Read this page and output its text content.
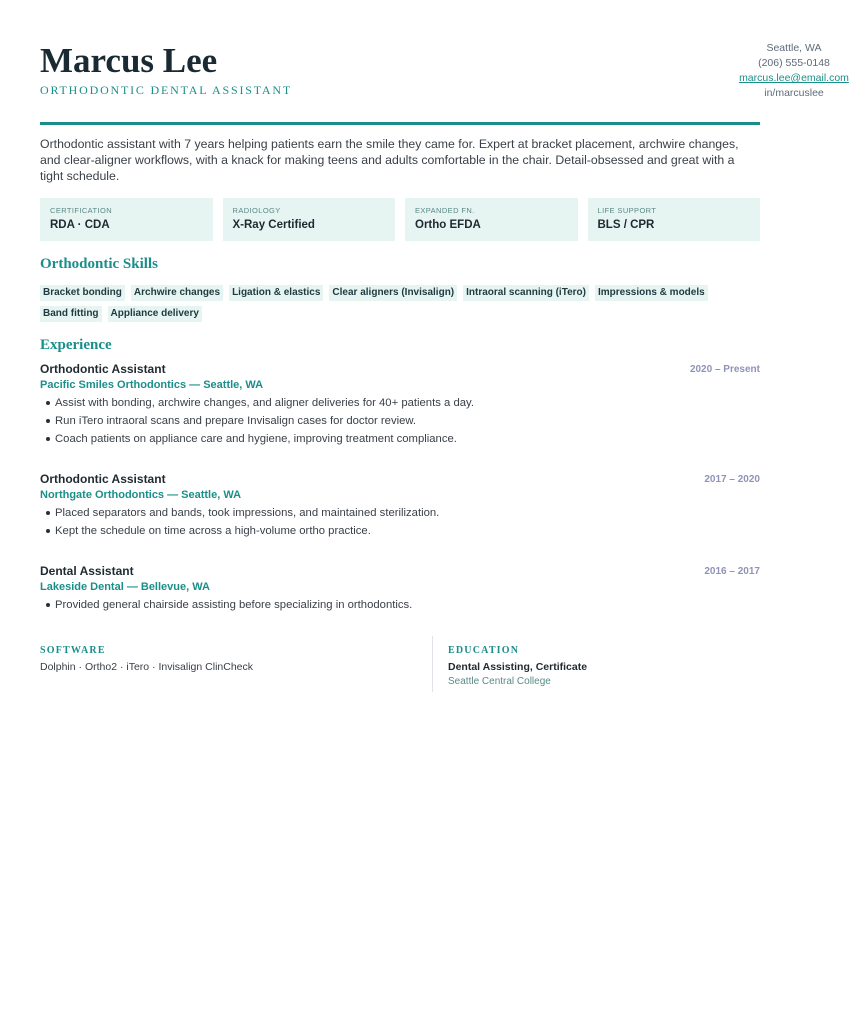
Marcus Lee
ORTHODONTIC DENTAL ASSISTANT
Seattle, WA
(206) 555-0148
marcus.lee@email.com
in/marcuslee

Orthodontic assistant with 7 years helping patients earn the smile they came for. Expert at bracket placement, archwire changes, and clear-aligner workflows, with a knack for making teens and adults comfortable in the chair. Detail-obsessed and great with a tight schedule.

CERTIFICATION
RDA · CDA
RADIOLOGY
X-Ray Certified
EXPANDED FN.
Ortho EFDA
LIFE SUPPORT
BLS / CPR
Orthodontic Skills
Bracket bonding	Archwire changes	Ligation & elastics	Clear aligners (Invisalign)	Intraoral scanning (iTero)	Impressions & models
Band fitting	Appliance delivery
Experience
Orthodontic Assistant	2020 – Present
Pacific Smiles Orthodontics — Seattle, WA
Assist with bonding, archwire changes, and aligner deliveries for 40+ patients a day.
Run iTero intraoral scans and prepare Invisalign cases for doctor review.
Coach patients on appliance care and hygiene, improving treatment compliance.
Orthodontic Assistant	2017 – 2020
Northgate Orthodontics — Seattle, WA
Placed separators and bands, took impressions, and maintained sterilization.
Kept the schedule on time across a high-volume ortho practice.
Dental Assistant	2016 – 2017
Lakeside Dental — Bellevue, WA
Provided general chairside assisting before specializing in orthodontics.
SOFTWARE
Dolphin · Ortho2 · iTero · Invisalign ClinCheck
EDUCATION
Dental Assisting, Certificate
Seattle Central College
